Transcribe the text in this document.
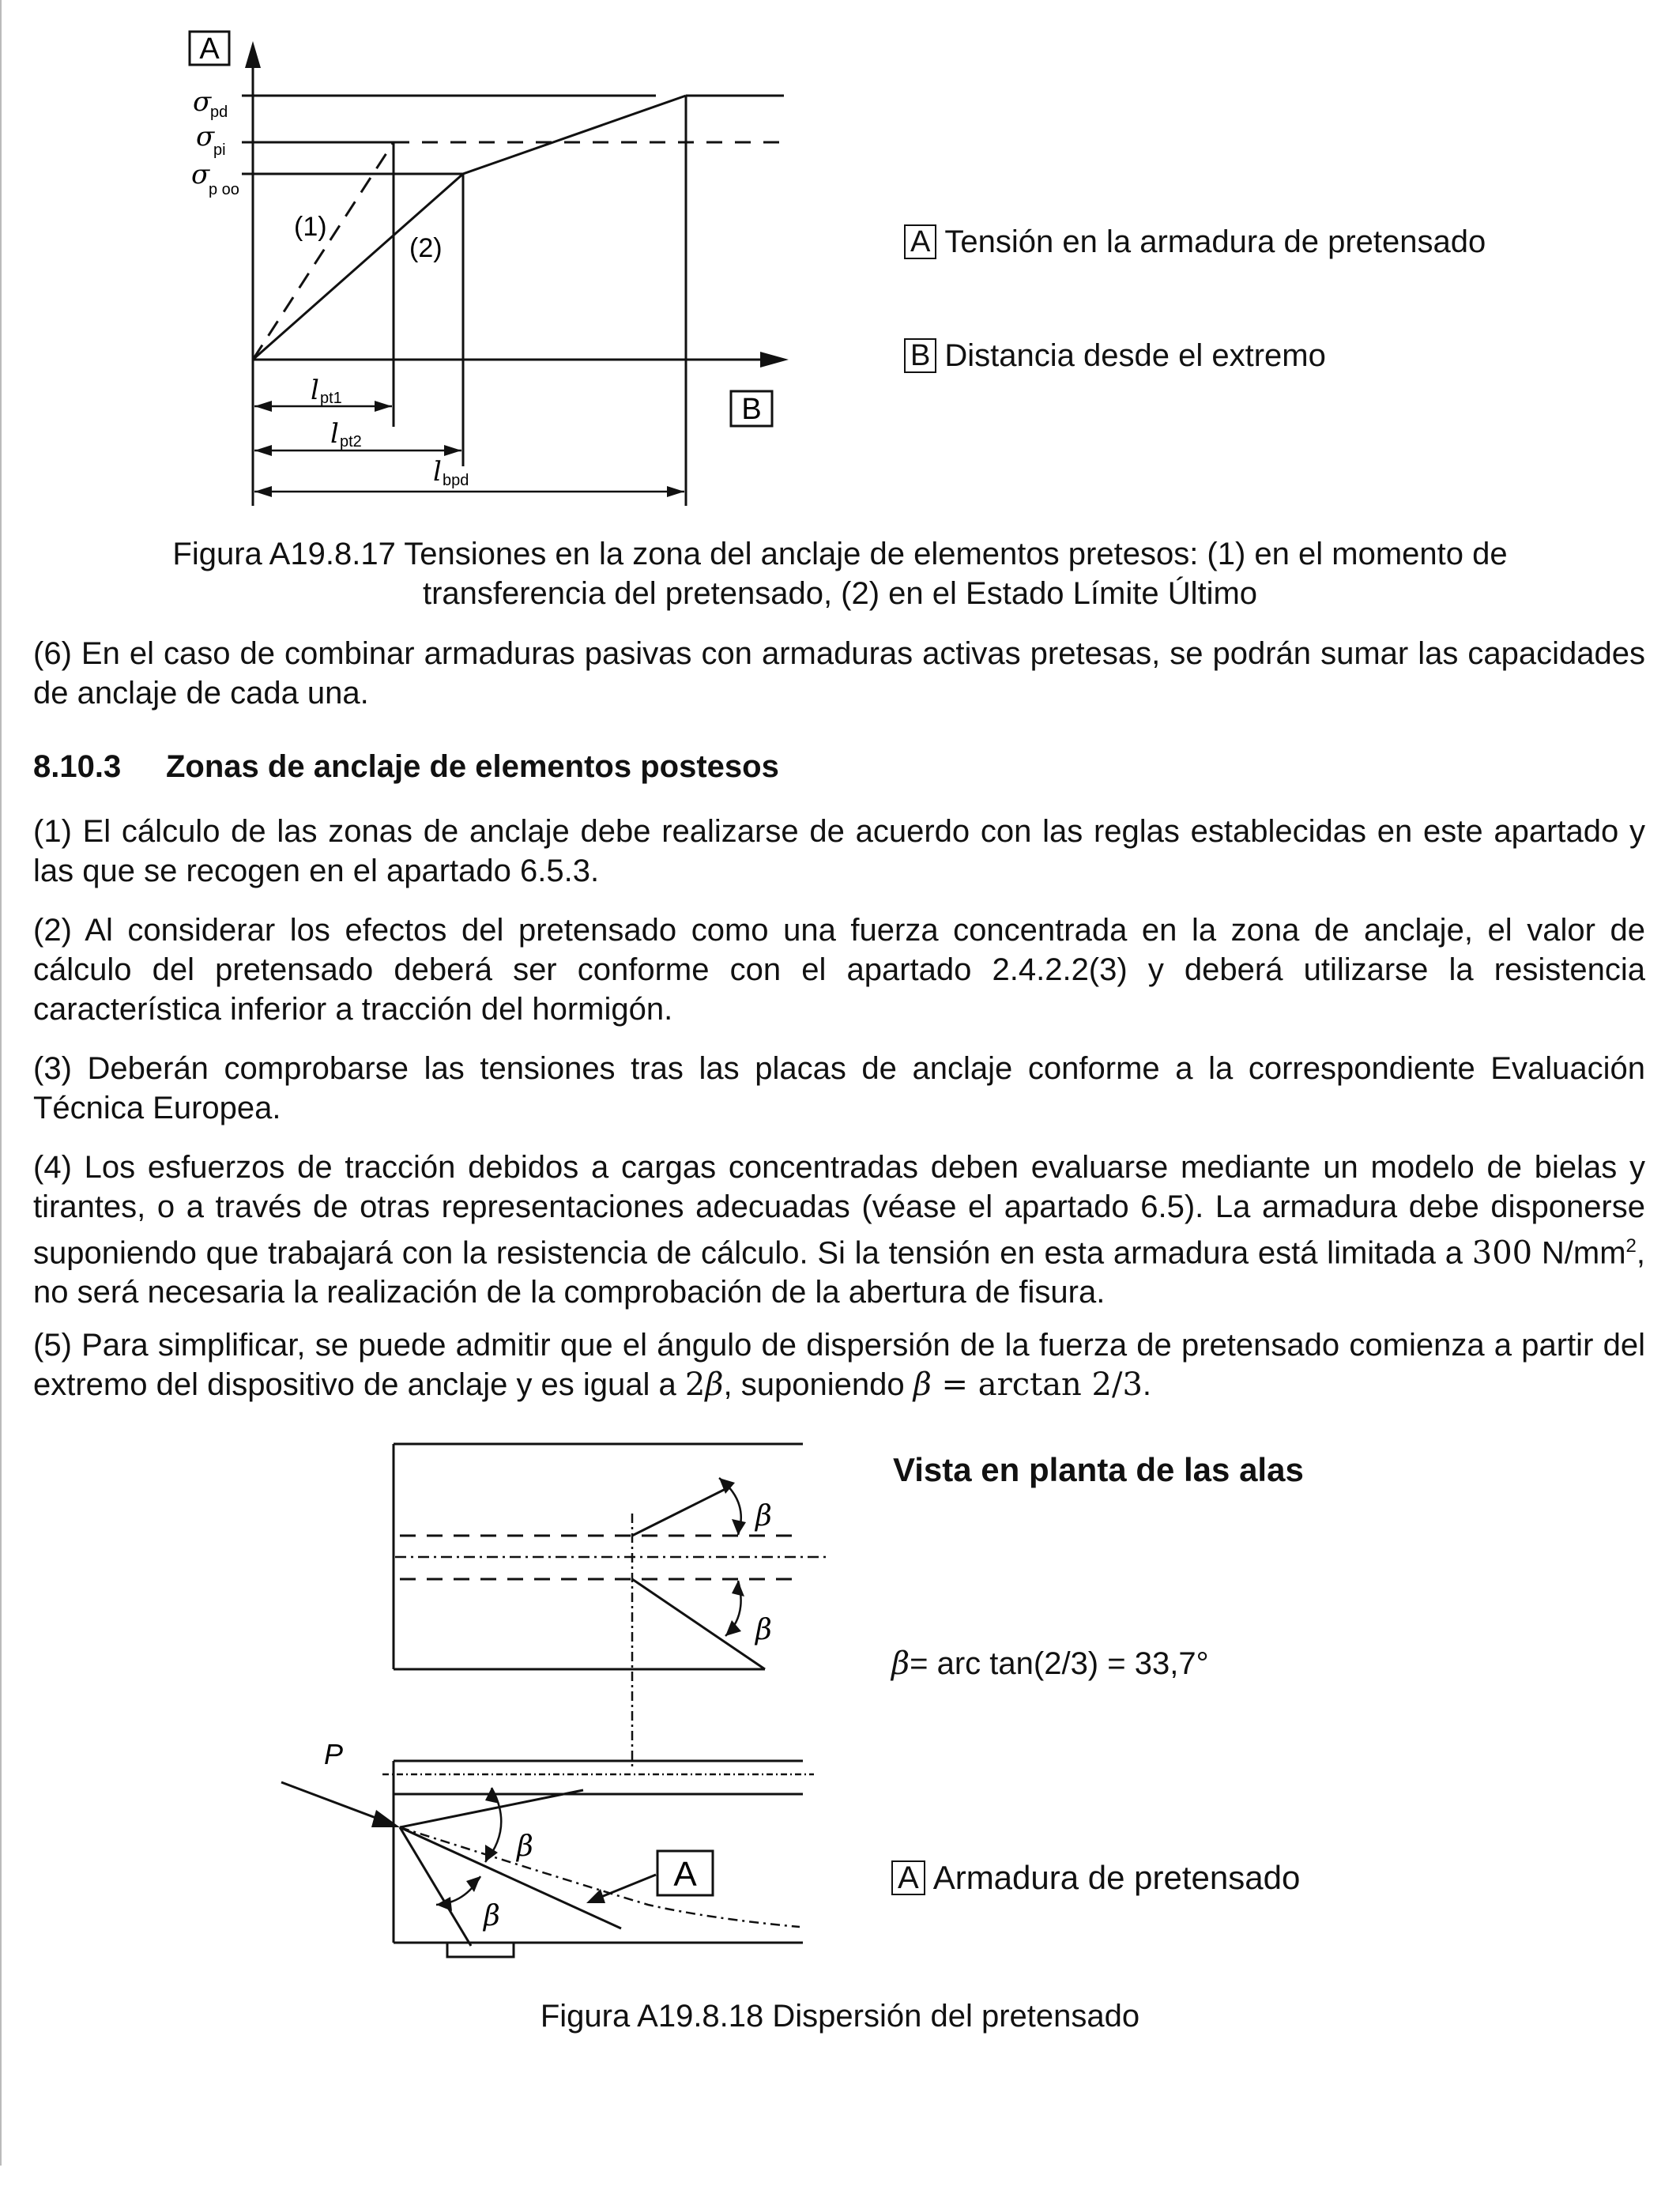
A
B
σ
pd
σ
pi
σ
p oo
(1)
(2)
l pt1
l pt2
l bpd
A Tensión en la armadura de pretensado
B Distancia desde el extremo
Figura A19.8.17 Tensiones en la zona del anclaje de elementos pretesos: (1) en el momento de transferencia del pretensado, (2) en el Estado Límite Último

(6) En el caso de combinar armaduras pasivas con armaduras activas pretesas, se podrán sumar las capacidades de anclaje de cada una.

8.10.3 Zonas de anclaje de elementos postesos

(1) El cálculo de las zonas de anclaje debe realizarse de acuerdo con las reglas establecidas en este apartado y las que se recogen en el apartado 6.5.3.

(2) Al considerar los efectos del pretensado como una fuerza concentrada en la zona de anclaje, el valor de cálculo del pretensado deberá ser conforme con el apartado 2.4.2.2(3) y deberá utilizarse la resistencia característica inferior a tracción del hormigón.

(3) Deberán comprobarse las tensiones tras las placas de anclaje conforme a la correspondiente Evaluación Técnica Europea.

(4) Los esfuerzos de tracción debidos a cargas concentradas deben evaluarse mediante un modelo de bielas y tirantes, o a través de otras representaciones adecuadas (véase el apartado 6.5). La armadura debe disponerse suponiendo que trabajará con la resistencia de cálculo. Si la tensión en esta armadura está limitada a 300 $N/mm^2$, no será necesaria la realización de la comprobación de la abertura de fisura.

(5) Para simplificar, se puede admitir que el ángulo de dispersión de la fuerza de pretensado comienza a partir del extremo del dispositivo de anclaje y es igual a 2β, suponiendo β = arctan 2/3.

β
β
P
β
β
A
Vista en planta de las alas
β= arc tan(2/3) = 33,7°
A Armadura de pretensado
Figura A19.8.18 Dispersión del pretensado
